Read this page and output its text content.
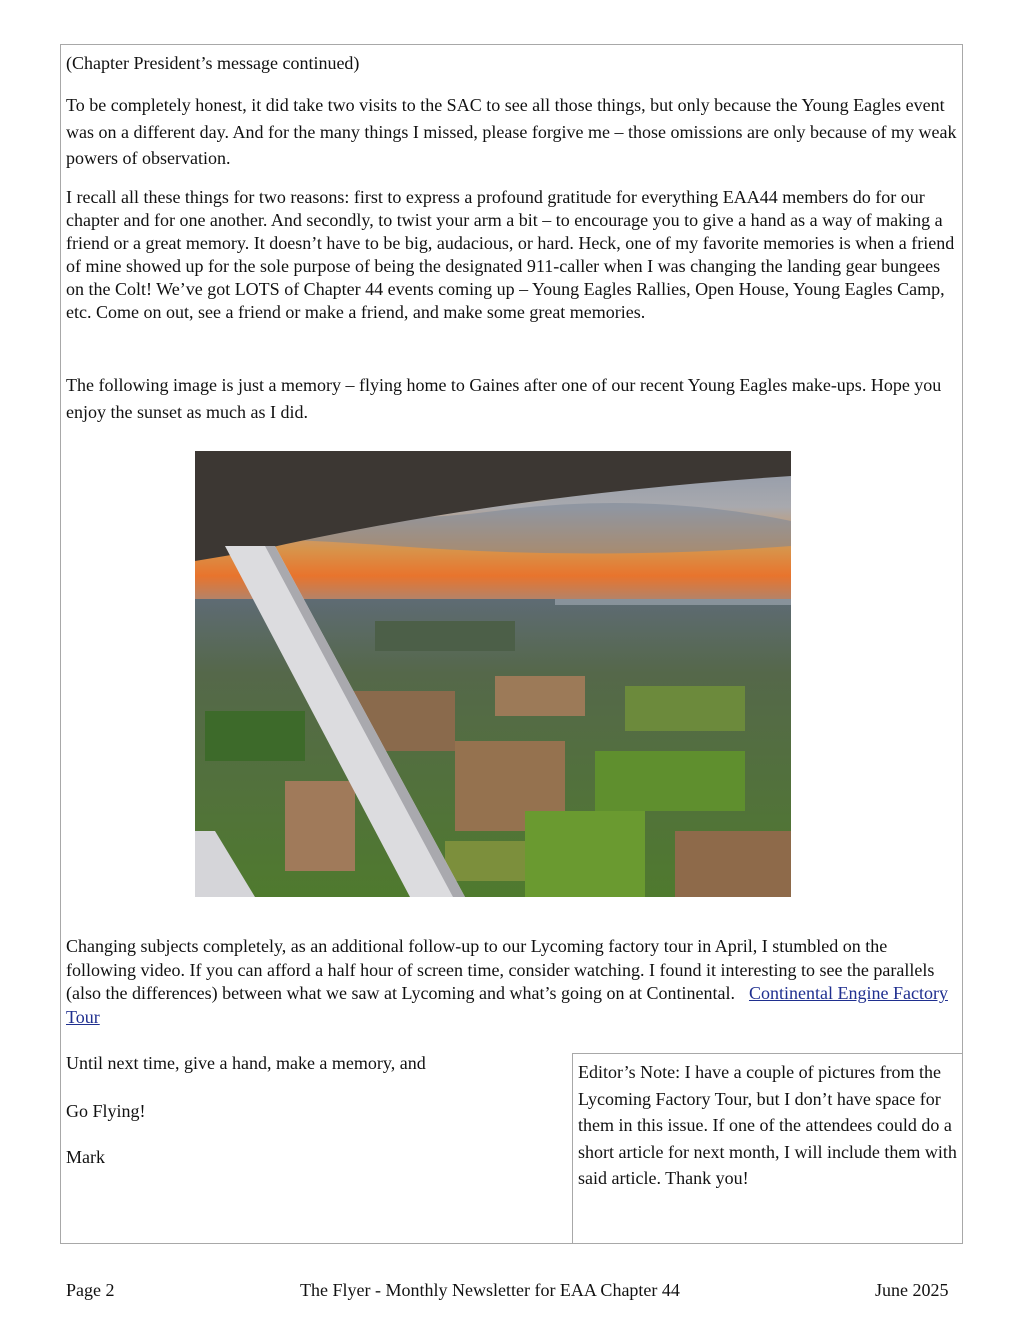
(Chapter President’s message continued)

To be completely honest, it did take two visits to the SAC to see all those things, but only because the Young Eagles event was on a different day. And for the many things I missed, please forgive me – those omissions are only because of my weak powers of observation.

I recall all these things for two reasons: first to express a profound gratitude for everything EAA44 members do for our chapter and for one another. And secondly, to twist your arm a bit – to encourage you to give a hand as a way of making a friend or a great memory. It doesn’t have to be big, audacious, or hard. Heck, one of my favorite memories is when a friend of mine showed up for the sole purpose of being the designated 911-caller when I was changing the landing gear bungees on the Colt! We’ve got LOTS of Chapter 44 events coming up – Young Eagles Rallies, Open House, Young Eagles Camp, etc. Come on out, see a friend or make a friend, and make some great memories.

The following image is just a memory – flying home to Gaines after one of our recent Young Eagles make-ups. Hope you enjoy the sunset as much as I did.

Changing subjects completely, as an additional follow-up to our Lycoming factory tour in April, I stumbled on the following video. If you can afford a half hour of screen time, consider watching. I found it interesting to see the parallels (also the differences) between what we saw at Lycoming and what’s going on at Continental. Continental Engine Factory Tour

Until next time, give a hand, make a memory, and
Go Flying!
Mark

Editor’s Note: I have a couple of pictures from the Lycoming Factory Tour, but I don’t have space for them in this issue. If one of the attendees could do a short article for next month, I will include them with said article. Thank you!

Page 2	The Flyer - Monthly Newsletter for EAA Chapter 44	June 2025
